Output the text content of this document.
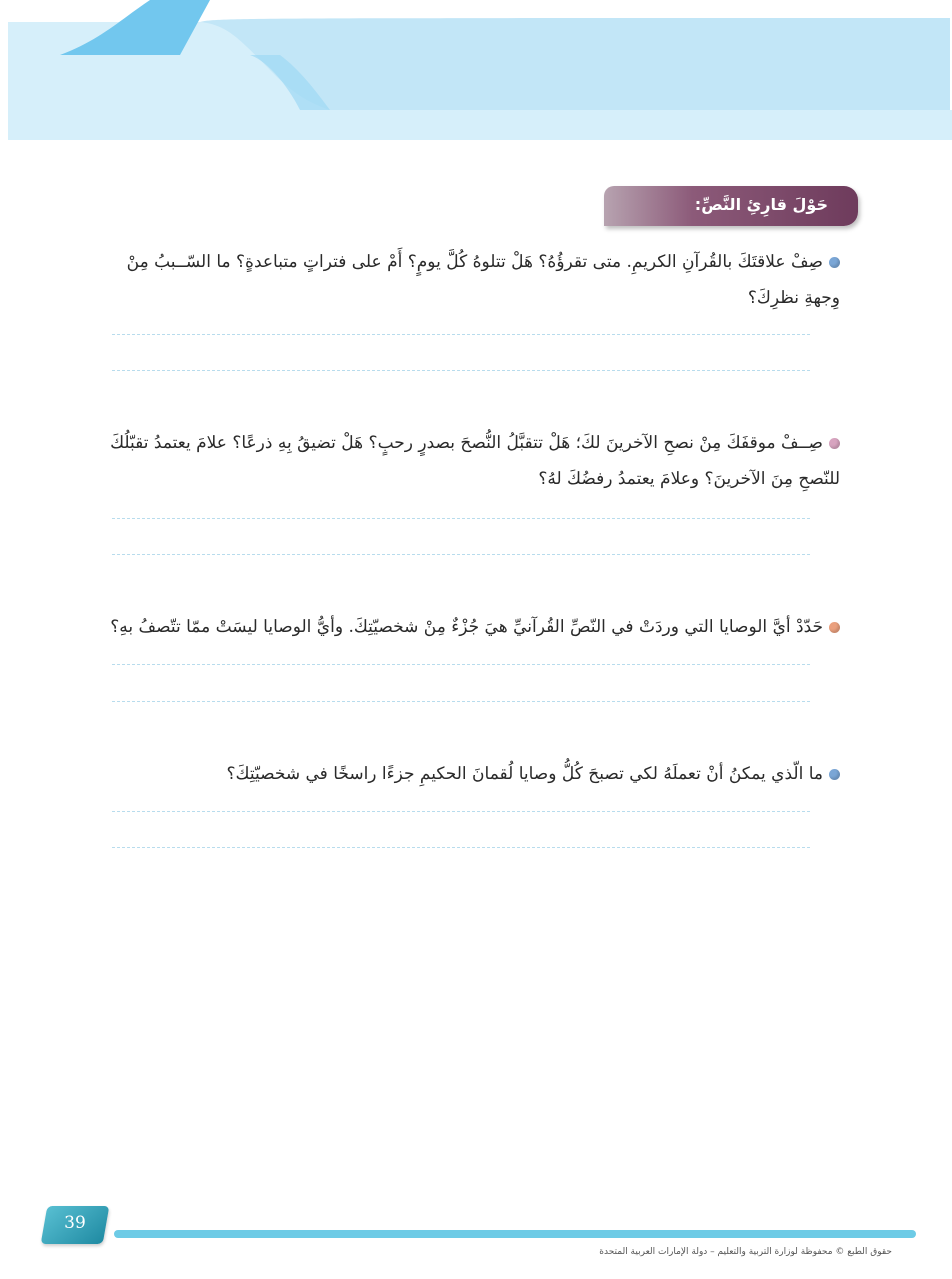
حَوْلَ قارِئِ النَّصِّ:
صِفْ علاقتَكَ بالقُرآنِ الكريمِ. متى تقرؤُهُ؟ هَلْ تتلوهُ كُلَّ يومٍ؟ أَمْ على فتراتٍ متباعدةٍ؟ ما السّــببُ مِنْ وِجهةِ نظرِكَ؟
صِــفْ موقفَكَ مِنْ نصحِ الآخرينَ لكَ؛ هَلْ تتقبَّلُ النُّصحَ بصدرٍ رحبٍ؟ هَلْ تضيقُ بِهِ ذرعًا؟ علامَ يعتمدُ تقبّلُكَ للنّصحِ مِنَ الآخرينَ؟ وعلامَ يعتمدُ رفضُكَ لهُ؟
حَدّدْ أيَّ الوصايا التي وردَتْ في النّصِّ القُرآنيِّ هيَ جُزْءٌ مِنْ شخصيّتِكَ. وأيُّ الوصايا ليسَتْ ممّا تتّصفُ بهِ؟
ما الّذي يمكنُ أنْ تعملَهُ لكي تصبحَ كُلُّ وصايا لُقمانَ الحكيمِ جزءًا راسخًا في شخصيّتِكَ؟
39
حقوق الطبع © محفوظة لوزارة التربية والتعليم – دولة الإمارات العربية المتحدة
